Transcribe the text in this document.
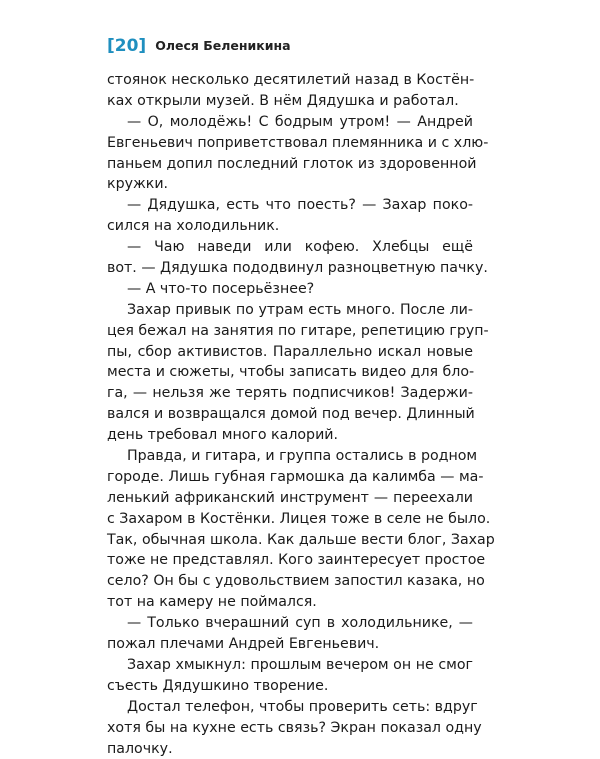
[20] Олеся Беленикина
стоянок несколько десятилетий назад в Костён-
ках открыли музей. В нём Дядушка и работал.
— О, молодёжь! С бодрым утром! — Андрей
Евгеньевич поприветствовал племянника и с хлю-
паньем допил последний глоток из здоровенной
кружки.
— Дядушка, есть что поесть? — Захар поко-
сился на холодильник.
— Чаю наведи или кофею. Хлебцы ещё
вот. — Дядушка пододвинул разноцветную пачку.
— А что-то посерьёзнее?
Захар привык по утрам есть много. После ли-
цея бежал на занятия по гитаре, репетицию груп-
пы, сбор активистов. Параллельно искал новые
места и сюжеты, чтобы записать видео для бло-
га, — нельзя же терять подписчиков! Задержи-
вался и возвращался домой под вечер. Длинный
день требовал много калорий.
Правда, и гитара, и группа остались в родном
городе. Лишь губная гармошка да калимба — ма-
ленький африканский инструмент — переехали
с Захаром в Костёнки. Лицея тоже в селе не было.
Так, обычная школа. Как дальше вести блог, Захар
тоже не представлял. Кого заинтересует простое
село? Он бы с удовольствием запостил казака, но
тот на камеру не поймался.
— Только вчерашний суп в холодильнике, —
пожал плечами Андрей Евгеньевич.
Захар хмыкнул: прошлым вечером он не смог
съесть Дядушкино творение.
Достал телефон, чтобы проверить сеть: вдруг
хотя бы на кухне есть связь? Экран показал одну
палочку.
